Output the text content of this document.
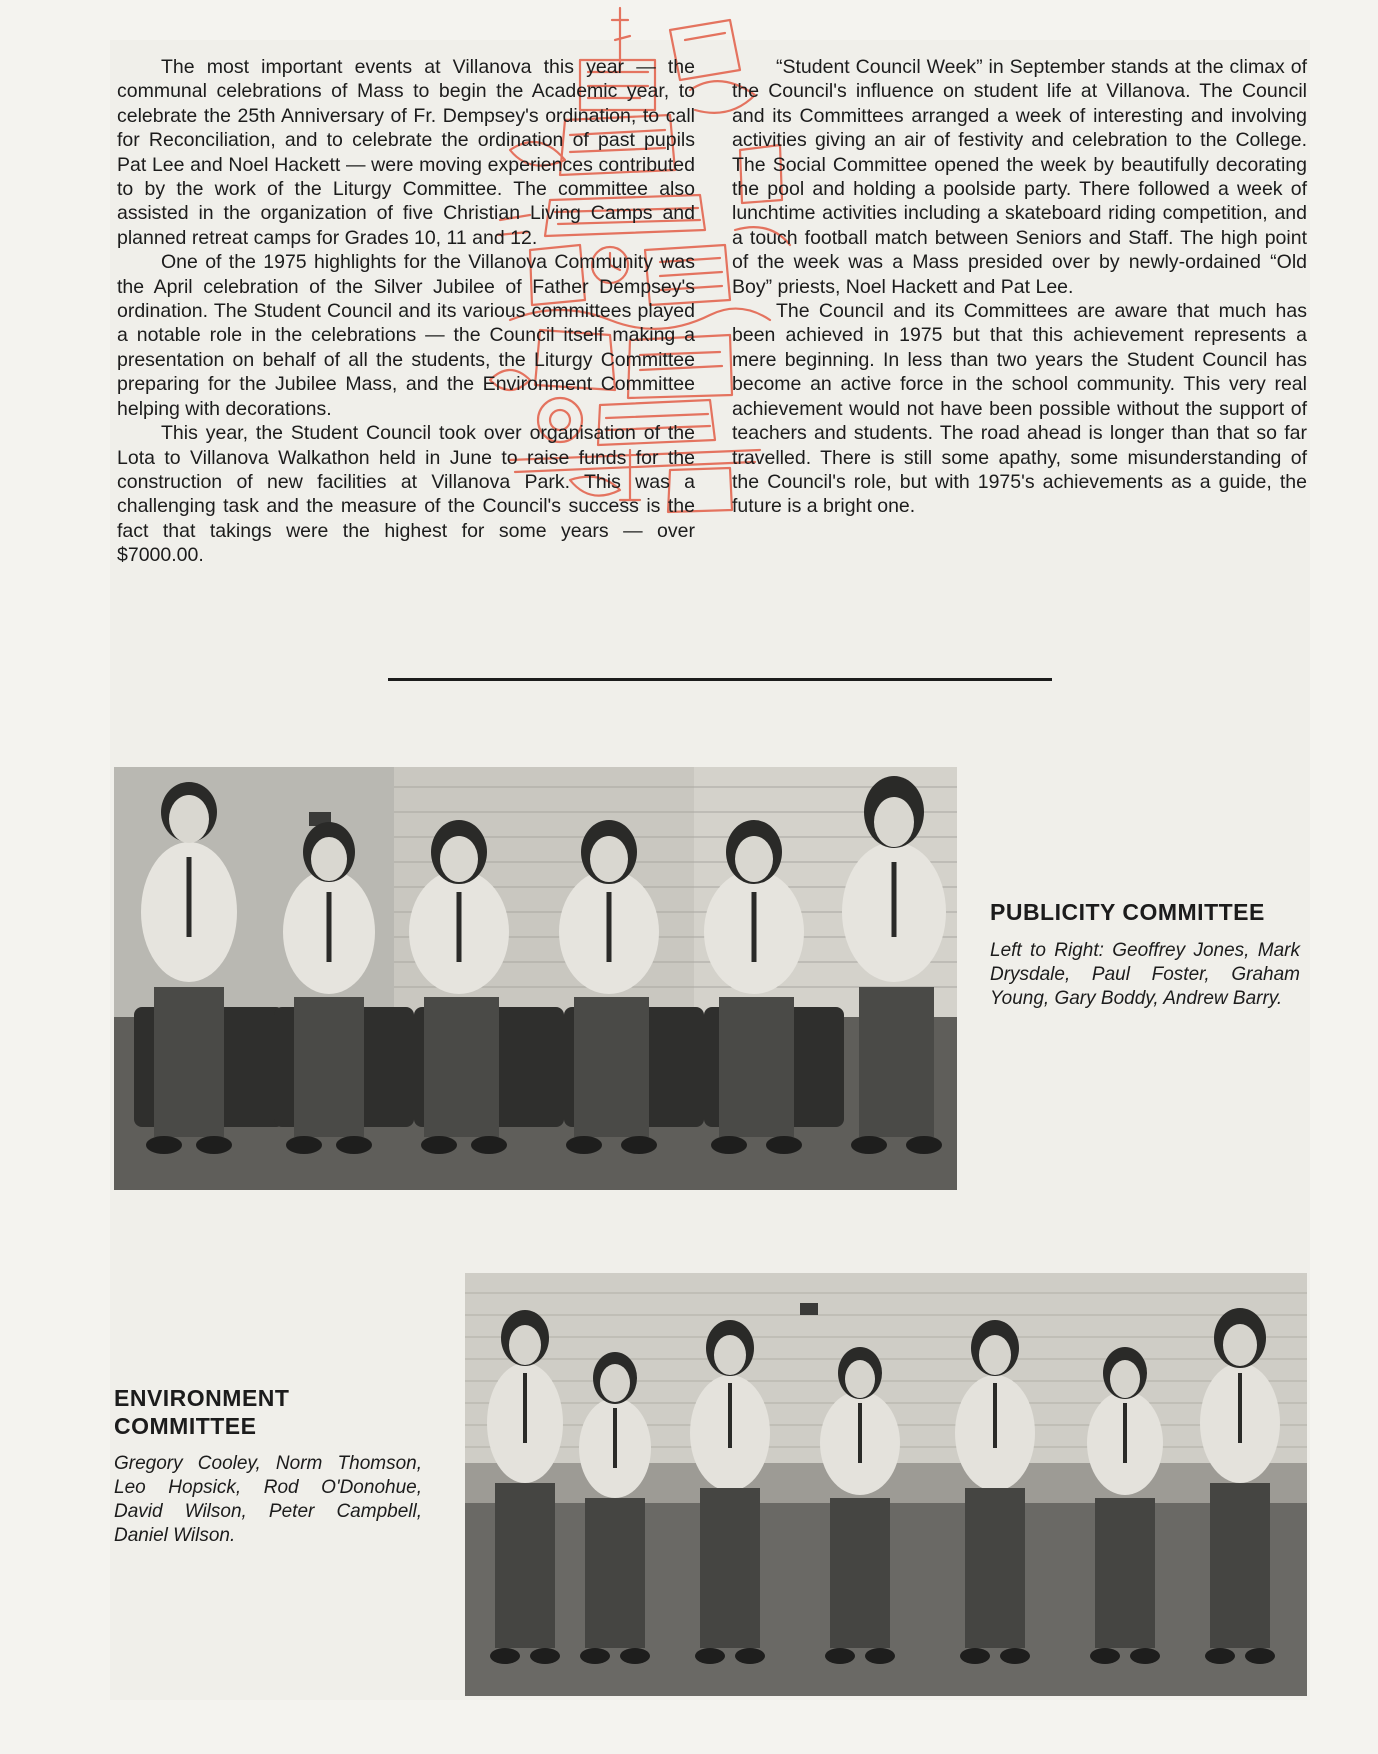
The most important events at Villanova this year — the communal celebrations of Mass to begin the Academic year, to celebrate the 25th Anniversary of Fr. Dempsey's ordination, to call for Reconciliation, and to celebrate the ordination of past pupils Pat Lee and Noel Hackett — were moving experiences contributed to by the work of the Liturgy Committee. The committee also assisted in the organization of five Christian Living Camps and planned retreat camps for Grades 10, 11 and 12.

One of the 1975 highlights for the Villanova Community was the April celebration of the Silver Jubilee of Father Dempsey's ordination. The Student Council and its various committees played a notable role in the celebrations — the Council itself making a presentation on behalf of all the students, the Liturgy Committee preparing for the Jubilee Mass, and the Environment Committee helping with decorations.

This year, the Student Council took over organisation of the Lota to Villanova Walkathon held in June to raise funds for the construction of new facilities at Villanova Park. This was a challenging task and the measure of the Council's success is the fact that takings were the highest for some years — over $7000.00.

“Student Council Week” in September stands at the climax of the Council's influence on student life at Villanova. The Council and its Committees arranged a week of interesting and involving activities giving an air of festivity and celebration to the College. The Social Committee opened the week by beautifully decorating the pool and holding a poolside party. There followed a week of lunchtime activities including a skateboard riding competition, and a touch football match between Seniors and Staff. The high point of the week was a Mass presided over by newly-ordained “Old Boy” priests, Noel Hackett and Pat Lee.

The Council and its Committees are aware that much has been achieved in 1975 but that this achievement represents a mere beginning. In less than two years the Student Council has become an active force in the school community. This very real achievement would not have been possible without the support of teachers and students. The road ahead is longer than that so far travelled. There is still some apathy, some misunderstanding of the Council's role, but with 1975's achievements as a guide, the future is a bright one.

PUBLICITY COMMITTEE

Left to Right: Geoffrey Jones, Mark Drysdale, Paul Foster, Graham Young, Gary Boddy, Andrew Barry.

ENVIRONMENT
COMMITTEE

Gregory Cooley, Norm Thomson, Leo Hopsick, Rod O'Donohue, David Wilson, Peter Campbell, Daniel Wilson.
